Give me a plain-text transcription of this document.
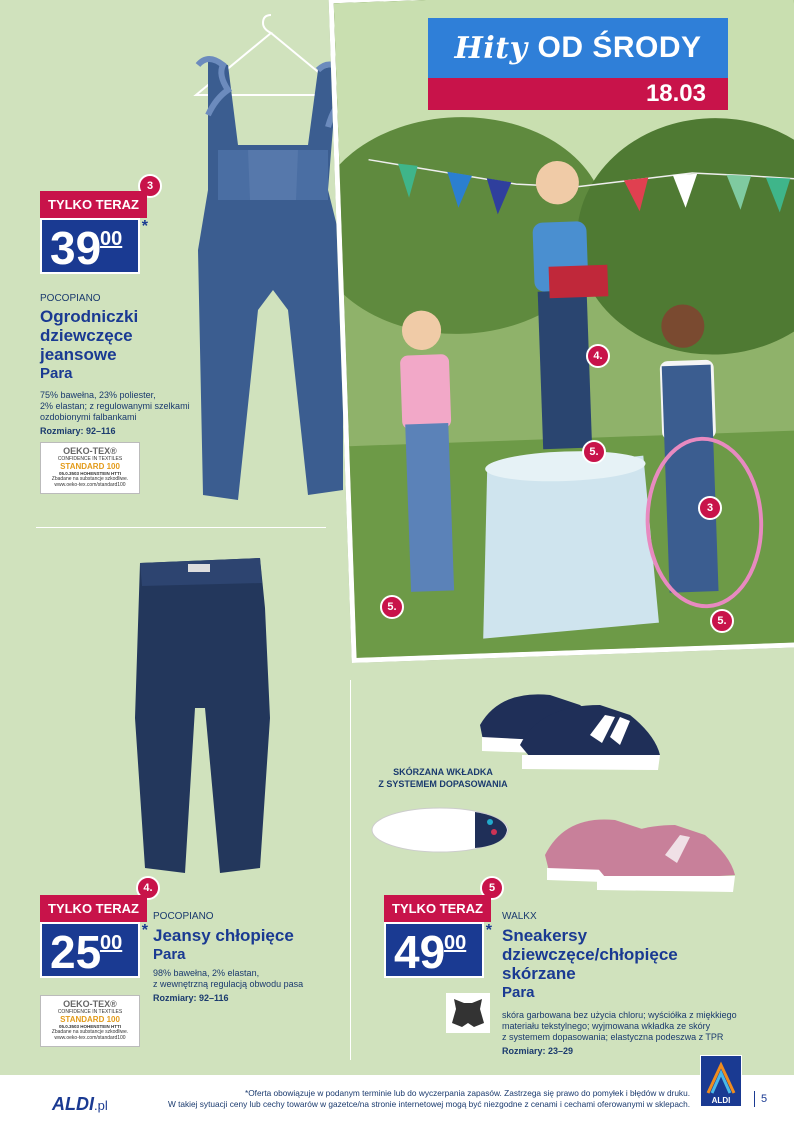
3
TYLKO TERAZ
39
00
*
POCOPIANO
Ogrodniczki
dziewczęce
jeansowe
Para
75% bawełna, 23% poliester,
2% elastan; z regulowanymi szelkami
ozdobionymi falbankami
Rozmiary: 92–116
OEKO-TEX®
CONFIDENCE IN TEXTILES
STANDARD 100
05.0.3503 HOHENSTEIN HTTI
Zbadane na substancje szkodliwe.
www.oeko-tex.com/standard100
4.
TYLKO TERAZ
25
00
*
POCOPIANO
Jeansy chłopięce
Para
98% bawełna, 2% elastan,
z wewnętrzną regulacją obwodu pasa
Rozmiary: 92–116
OEKO-TEX®
CONFIDENCE IN TEXTILES
STANDARD 100
05.0.3503 HOHENSTEIN HTTI
Zbadane na substancje szkodliwe.
www.oeko-tex.com/standard100
4.
5.
3
5.
5.
Hity OD ŚRODY
18.03
SKÓRZANA WKŁADKA
Z SYSTEMEM DOPASOWANIA
5
TYLKO TERAZ
49
00
*
WALKX
Sneakersy
dziewczęce/chłopięce
skórzane
Para
skóra garbowana bez użycia chloru; wyściółka z miękkiego
materiału tekstylnego; wyjmowana wkładka ze skóry
z systemem dopasowania; elastyczna podeszwa z TPR
Rozmiary: 23–29
ALDI.pl
*Oferta obowiązuje w podanym terminie lub do wyczerpania zapasów. Zastrzega się prawo do pomyłek i błędów w druku.
W takiej sytuacji ceny lub cechy towarów w gazetce/na stronie internetowej mogą być niezgodne z cenami i cechami oferowanymi w sklepach.	ALDI	5
